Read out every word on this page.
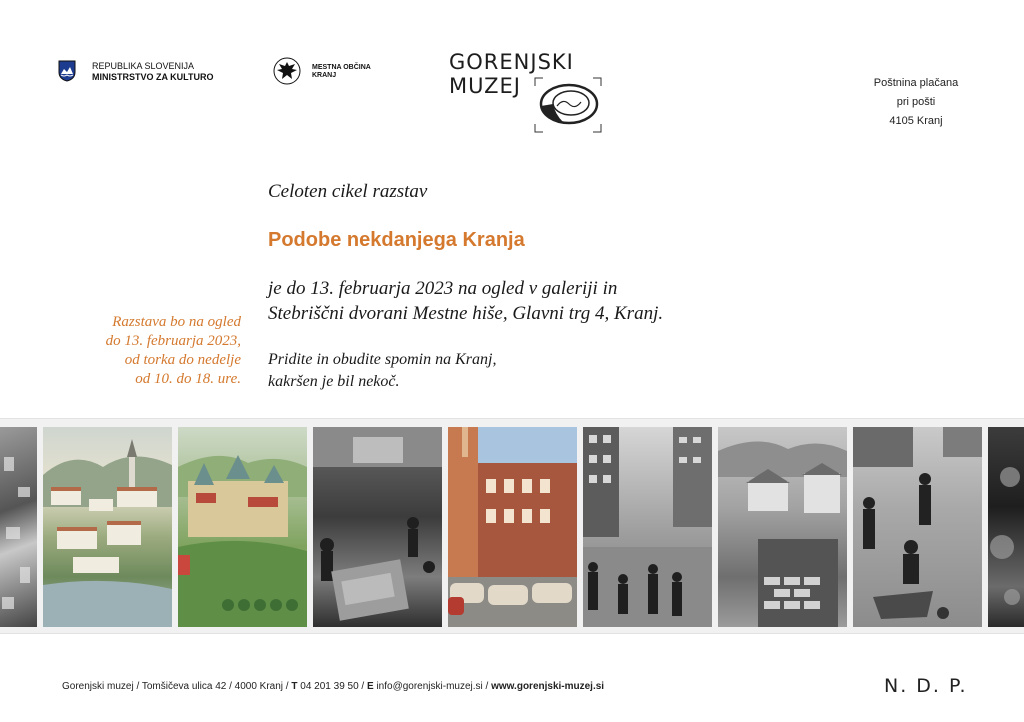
REPUBLIKA SLOVENIJA
MINISTRSTVO ZA KULTURO
MESTNA OBČINA
KRANJ
GORENJSKI
MUZEJ	Poštnina plačana
pri pošti
4105 Kranj
Celoten cikel razstav
Podobe nekdanjega Kranja
je do 13. februarja 2023 na ogled v galeriji in
Stebriščni dvorani Mestne hiše, Glavni trg 4, Kranj.
Pridite in obudite spomin na Kranj,
kakršen je bil nekoč.
Razstava bo na ogled
do 13. februarja 2023,
od torka do nedelje
od 10. do 18. ure.
Gorenjski muzej / Tomšičeva ulica 42 / 4000 Kranj / T 04 201 39 50 / E info@gorenjski-muzej.si / www.gorenjski-muzej.si	N. D. P.
